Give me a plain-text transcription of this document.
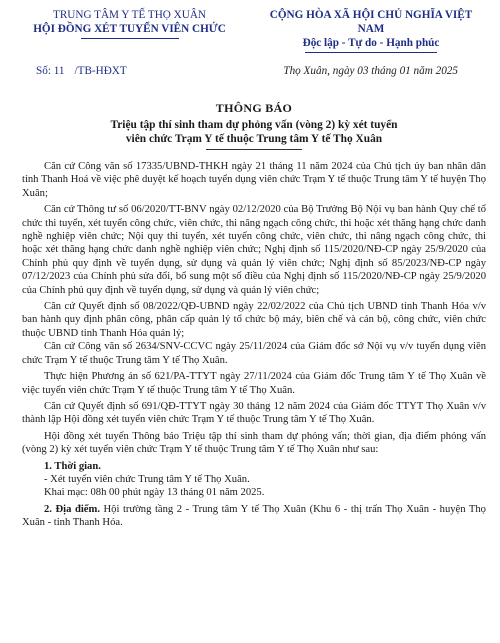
TRUNG TÂM Y TẾ THỌ XUÂN
HỘI ĐỒNG XÉT TUYỂN VIÊN CHỨC
CỘNG HÒA XÃ HỘI CHỦ NGHĨA VIỆT NAM
Độc lập - Tự do - Hạnh phúc
Số: 11 /TB-HĐXT	Thọ Xuân, ngày 03 tháng 01 năm 2025
THÔNG BÁO
Triệu tập thí sinh tham dự phỏng vấn (vòng 2) kỳ xét tuyển
viên chức Trạm Y tế thuộc Trung tâm Y tế Thọ Xuân

Căn cứ Công văn số 17335/UBND-THKH ngày 21 tháng 11 năm 2024 của Chủ tịch ủy ban nhân dân tỉnh Thanh Hoá về việc phê duyệt kế hoạch tuyển dụng viên chức Trạm Y tế thuộc Trung tâm Y tế huyện Thọ Xuân;

Căn cứ Thông tư số 06/2020/TT-BNV ngày 02/12/2020 của Bộ Trưởng Bộ Nội vụ ban hành Quy chế tổ chức thi tuyển, xét tuyển công chức, viên chức, thi nâng ngạch công chức, thi hoặc xét thăng hạng chức danh nghề nghiệp viên chức; Nội quy thi tuyển, xét tuyển công chức, viên chức, thi nâng ngạch công chức, thi hoặc xét thăng hạng chức danh nghề nghiệp viên chức; Nghị định số 115/2020/NĐ-CP ngày 25/9/2020 của Chính phủ quy định về tuyển dụng, sử dụng và quản lý viên chức; Nghị định số 85/2023/NĐ-CP ngày 07/12/2023 của Chính phủ sửa đổi, bổ sung một số điều của Nghị định số 115/2020/NĐ-CP ngày 25/9/2020 của Chính phủ quy định về tuyển dụng, sử dụng và quản lý viên chức;

Căn cứ Quyết định số 08/2022/QĐ-UBND ngày 22/02/2022 của Chủ tịch UBND tỉnh Thanh Hóa v/v ban hành quy định phân công, phân cấp quản lý tổ chức bộ máy, biên chế và cán bộ, công chức, viên chức thuộc UBND tỉnh Thanh Hóa quản lý;

Căn cứ Công văn số 2634/SNV-CCVC ngày 25/11/2024 của Giám đốc sở Nội vụ v/v tuyển dụng viên chức Trạm Y tế thuộc Trung tâm Y tế Thọ Xuân.

Thực hiện Phương án số 621/PA-TTYT ngày 27/11/2024 của Giám đốc Trung tâm Y tế Thọ Xuân về việc tuyển viên chức Trạm Y tế thuộc Trung tâm Y tế Thọ Xuân.

Căn cứ Quyết định số 691/QĐ-TTYT ngày 30 tháng 12 năm 2024 của Giám đốc TTYT Thọ Xuân v/v thành lập Hội đồng xét tuyển viên chức Trạm Y tế thuộc Trung tâm Y tế Thọ Xuân.

Hội đồng xét tuyển Thông báo Triệu tập thí sinh tham dự phỏng vấn; thời gian, địa điểm phỏng vấn (vòng 2) kỳ xét tuyển viên chức Trạm Y tế thuộc Trung tâm Y tế Thọ Xuân như sau:

1. Thời gian.

- Xét tuyển viên chức Trung tâm Y tế Thọ Xuân.

Khai mạc: 08h 00 phút ngày 13 tháng 01 năm 2025.

2. Địa điểm. Hội trường tầng 2 - Trung tâm Y tế Thọ Xuân (Khu 6 - thị trấn Thọ Xuân - huyện Thọ Xuân - tỉnh Thanh Hóa.
